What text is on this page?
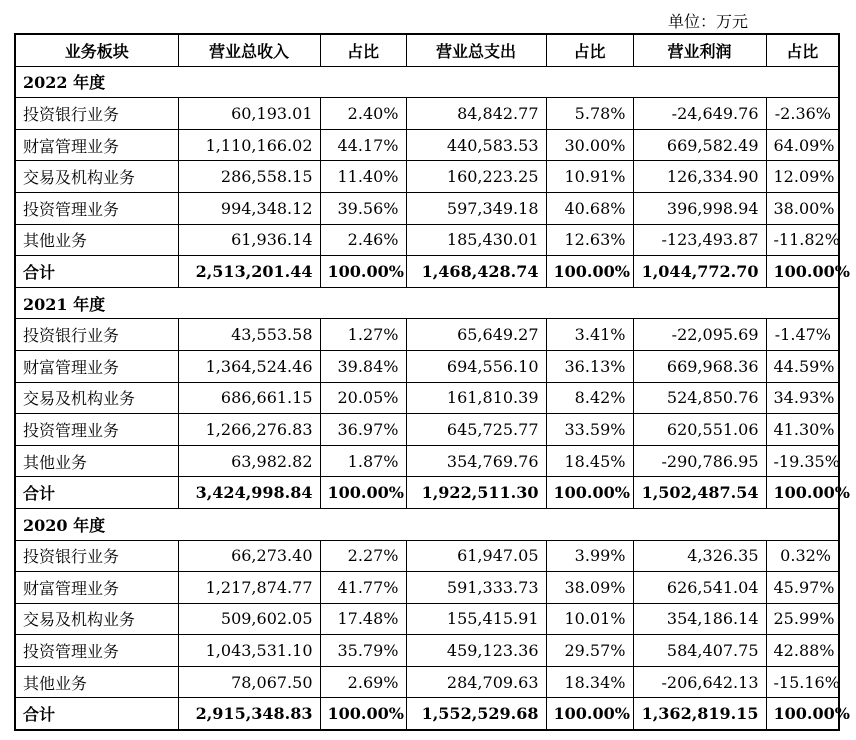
单位：万元
业务板块	营业总收入	占比	营业总支出	占比	营业利润	占比
2022 年度						
投资银行业务	60,193.01	2.40%	84,842.77	5.78%	-24,649.76	-2.36%
财富管理业务	1,110,166.02	44.17%	440,583.53	30.00%	669,582.49	64.09%
交易及机构业务	286,558.15	11.40%	160,223.25	10.91%	126,334.90	12.09%
投资管理业务	994,348.12	39.56%	597,349.18	40.68%	396,998.94	38.00%
其他业务	61,936.14	2.46%	185,430.01	12.63%	-123,493.87	-11.82%
合计	2,513,201.44	100.00%	1,468,428.74	100.00%	1,044,772.70	100.00%
2021 年度						
投资银行业务	43,553.58	1.27%	65,649.27	3.41%	-22,095.69	-1.47%
财富管理业务	1,364,524.46	39.84%	694,556.10	36.13%	669,968.36	44.59%
交易及机构业务	686,661.15	20.05%	161,810.39	8.42%	524,850.76	34.93%
投资管理业务	1,266,276.83	36.97%	645,725.77	33.59%	620,551.06	41.30%
其他业务	63,982.82	1.87%	354,769.76	18.45%	-290,786.95	-19.35%
合计	3,424,998.84	100.00%	1,922,511.30	100.00%	1,502,487.54	100.00%
2020 年度						
投资银行业务	66,273.40	2.27%	61,947.05	3.99%	4,326.35	0.32%
财富管理业务	1,217,874.77	41.77%	591,333.73	38.09%	626,541.04	45.97%
交易及机构业务	509,602.05	17.48%	155,415.91	10.01%	354,186.14	25.99%
投资管理业务	1,043,531.10	35.79%	459,123.36	29.57%	584,407.75	42.88%
其他业务	78,067.50	2.69%	284,709.63	18.34%	-206,642.13	-15.16%
合计	2,915,348.83	100.00%	1,552,529.68	100.00%	1,362,819.15	100.00%
